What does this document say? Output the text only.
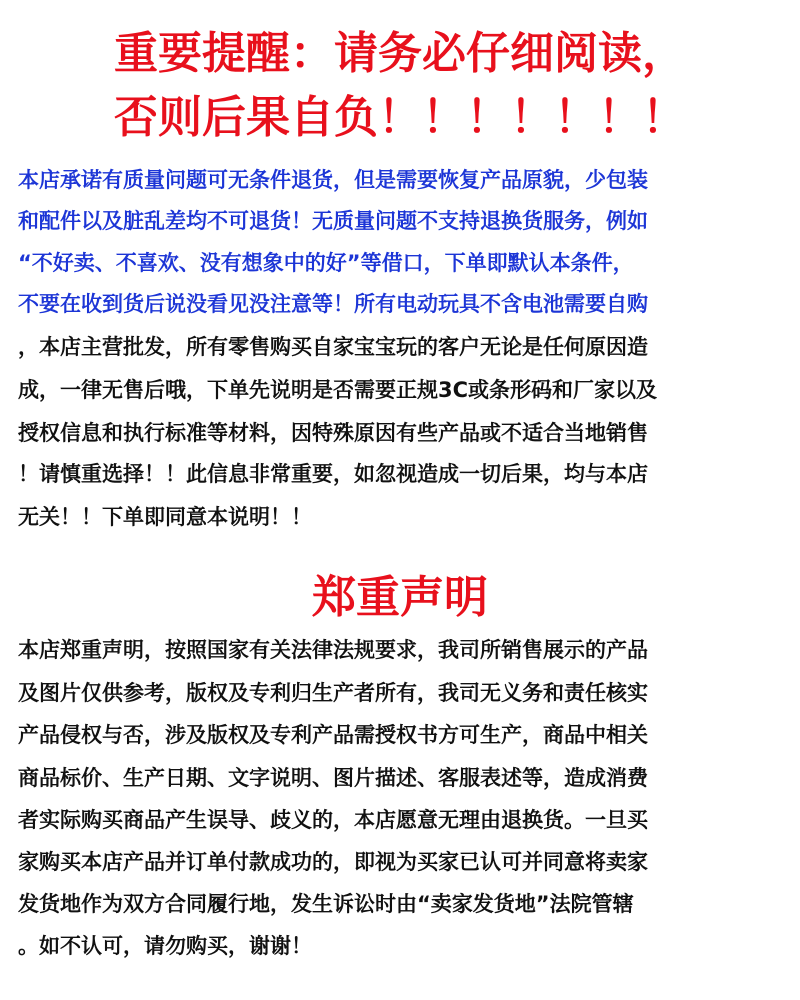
重要提醒：请务必仔细阅读，
否则后果自负！！！！！！！

本店承诺有质量问题可无条件退货，但是需要恢复产品原貌，少包装

和配件以及脏乱差均不可退货！无质量问题不支持退换货服务，例如

“不好卖、不喜欢、没有想象中的好”等借口，下单即默认本条件，

不要在收到货后说没看见没注意等！所有电动玩具不含电池需要自购

，本店主营批发，所有零售购买自家宝宝玩的客户无论是任何原因造

成，一律无售后哦，下单先说明是否需要正规3C或条形码和厂家以及

授权信息和执行标准等材料，因特殊原因有些产品或不适合当地销售

！请慎重选择！！此信息非常重要，如忽视造成一切后果，均与本店

无关！！下单即同意本说明！！

郑重声明

本店郑重声明，按照国家有关法律法规要求，我司所销售展示的产品

及图片仅供参考，版权及专利归生产者所有，我司无义务和责任核实

产品侵权与否，涉及版权及专利产品需授权书方可生产，商品中相关

商品标价、生产日期、文字说明、图片描述、客服表述等，造成消费

者实际购买商品产生误导、歧义的，本店愿意无理由退换货。一旦买

家购买本店产品并订单付款成功的，即视为买家已认可并同意将卖家

发货地作为双方合同履行地，发生诉讼时由“卖家发货地”法院管辖

。如不认可，请勿购买，谢谢！
